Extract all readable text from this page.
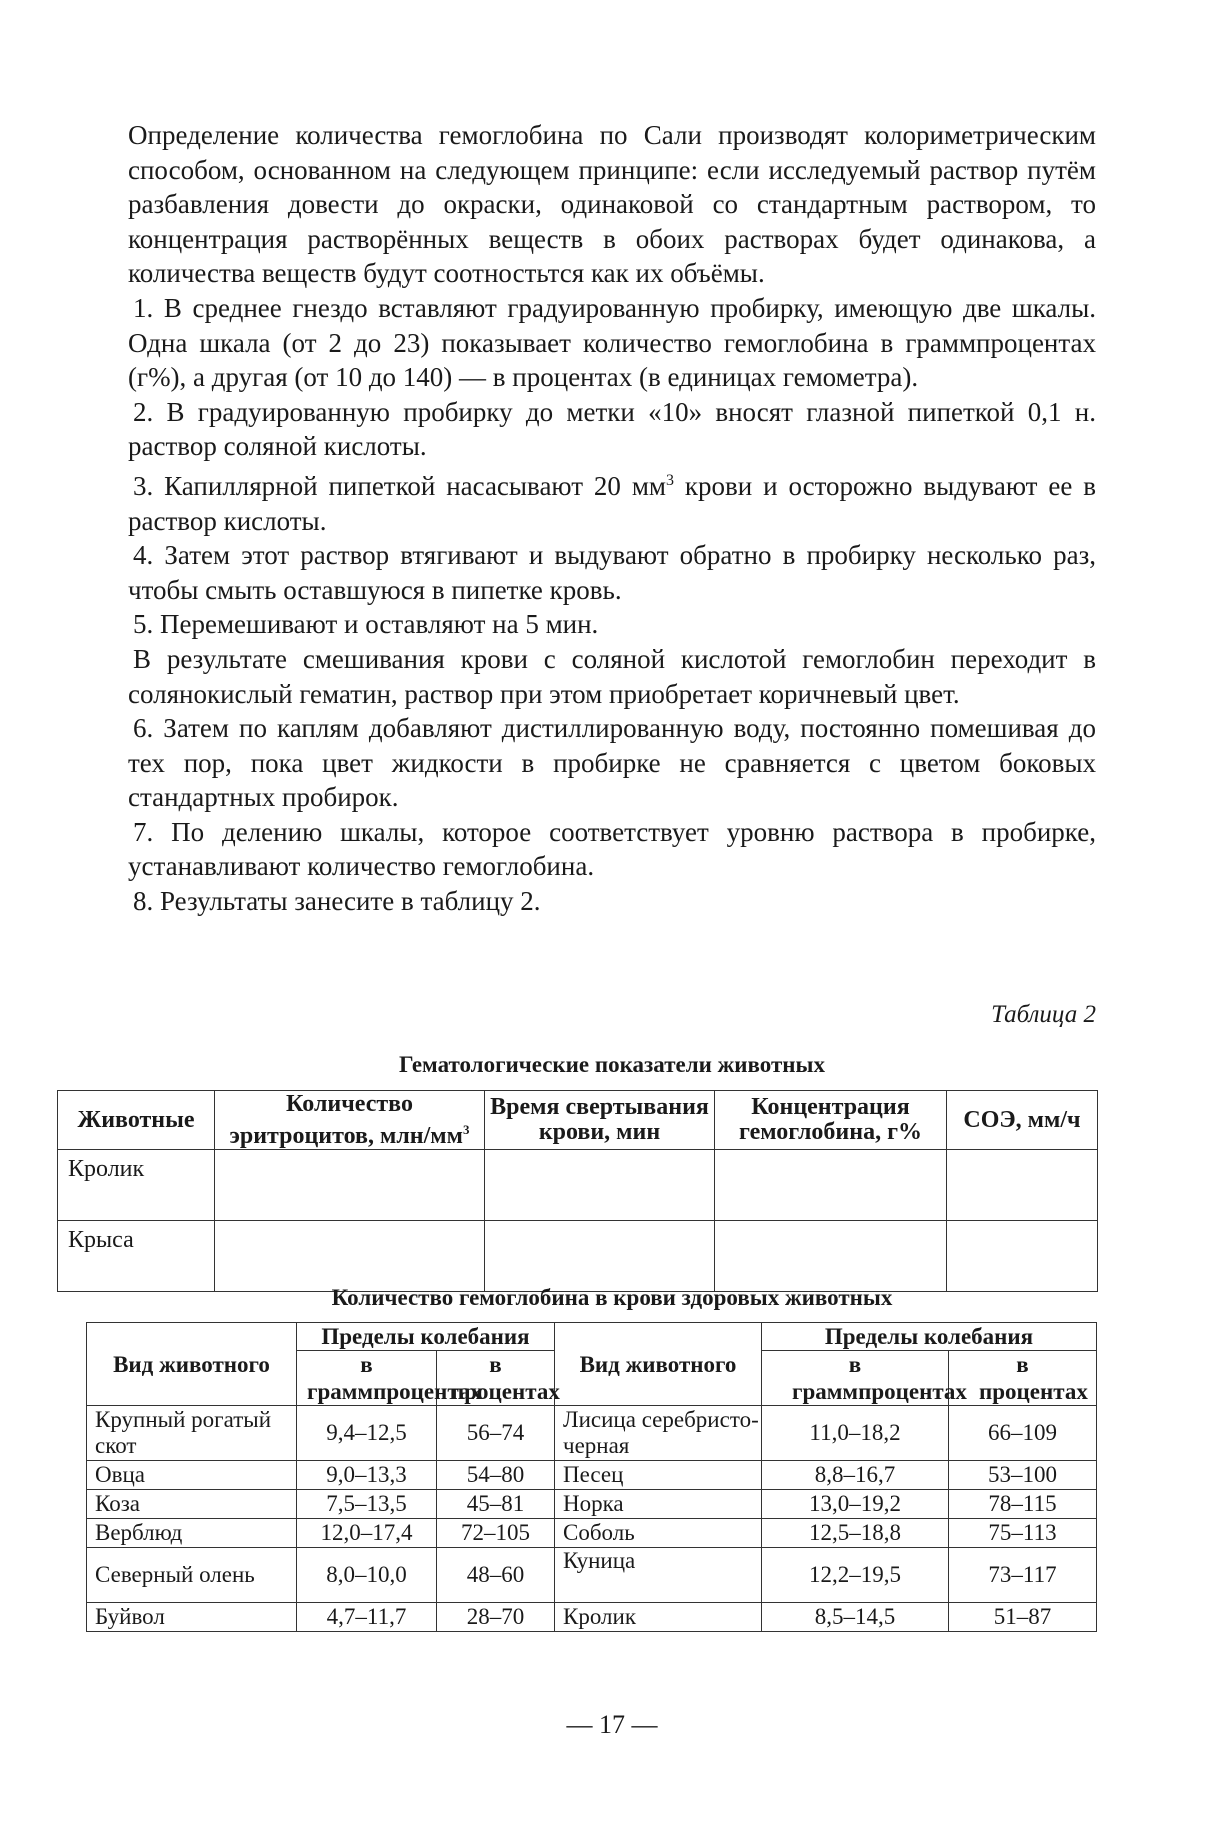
Определение количества гемоглобина по Сали производят колориметрическим способом, основанном на следующем принципе: если исследуемый раствор путём разбавления довести до окраски, одинаковой со стандартным раствором, то концентрация растворённых веществ в обоих растворах будет одинакова, а количества веществ будут соотностьтся как их объёмы.

1. В среднее гнездо вставляют градуированную пробирку, имеющую две шкалы. Одна шкала (от 2 до 23) показывает количество гемоглобина в граммпроцентах (г%), а другая (от 10 до 140) — в процентах (в единицах гемометра).

2. В градуированную пробирку до метки «10» вносят глазной пипеткой 0,1 н. раствор соляной кислоты.

3. Капиллярной пипеткой насасывают 20 $мм^3$ крови и осторожно выдувают ее в раствор кислоты.

4. Затем этот раствор втягивают и выдувают обратно в пробирку несколько раз, чтобы смыть оставшуюся в пипетке кровь.

5. Перемешивают и оставляют на 5 мин.

В результате смешивания крови с соляной кислотой гемоглобин переходит в солянокислый гематин, раствор при этом приобретает коричневый цвет.

6. Затем по каплям добавляют дистиллированную воду, постоянно помешивая до тех пор, пока цвет жидкости в пробирке не сравняется с цветом боковых стандартных пробирок.

7. По делению шкалы, которое соответствует уровню раствора в пробирке, устанавливают количество гемоглобина.

8. Результаты занесите в таблицу 2.

Таблица 2
Гематологические показатели животных
Животные	Количество эритроцитов, млн/$мм^3$	Время свертывания крови, мин	Концентрация гемоглобина, г%	СОЭ, мм/ч
Кролик				
Крыса				
Количество гемоглобина в крови здоровых животных
Вид животного	Пределы колебания		Вид животного	Пределы колебания	
	в граммпроцентах	в процентах		в граммпроцентах	в процентах
Крупный рогатый скот	9,4–12,5	56–74	Лисица серебристо-черная	11,0–18,2	66–109
Овца	9,0–13,3	54–80	Песец	8,8–16,7	53–100
Коза	7,5–13,5	45–81	Норка	13,0–19,2	78–115
Верблюд	12,0–17,4	72–105	Соболь	12,5–18,8	75–113
Северный олень	8,0–10,0	48–60	Куница	12,2–19,5	73–117
Буйвол	4,7–11,7	28–70	Кролик	8,5–14,5	51–87
— 17 —
